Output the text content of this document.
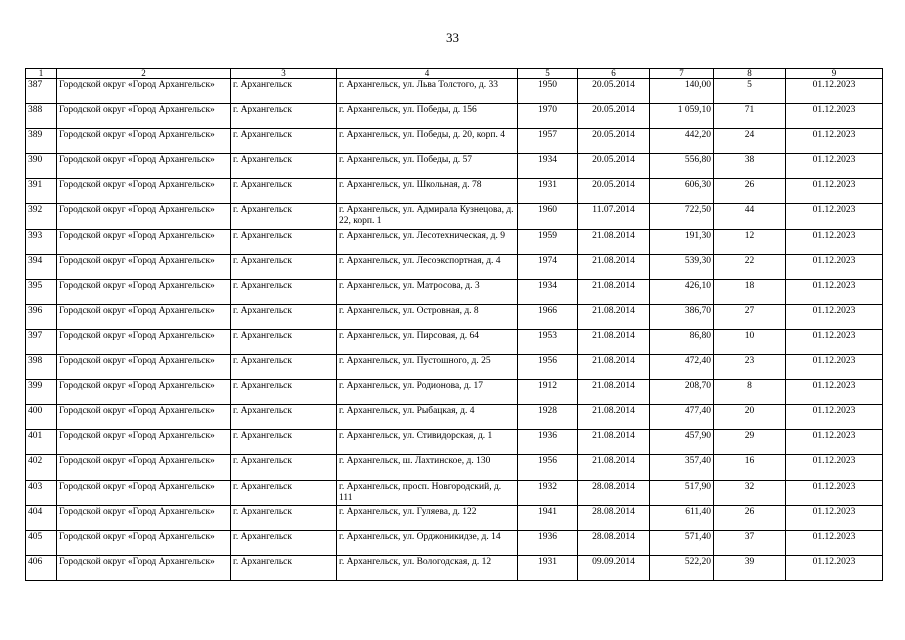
33
1	2	3	4	5	6	7	8	9
387	Городской округ «Город Архангельск»	г. Архангельск	г. Архангельск, ул. Льва Толстого, д. 33	1950	20.05.2014	140,00	5	01.12.2023
388	Городской округ «Город Архангельск»	г. Архангельск	г. Архангельск, ул. Победы, д. 156	1970	20.05.2014	1 059,10	71	01.12.2023
389	Городской округ «Город Архангельск»	г. Архангельск	г. Архангельск, ул. Победы, д. 20, корп. 4	1957	20.05.2014	442,20	24	01.12.2023
390	Городской округ «Город Архангельск»	г. Архангельск	г. Архангельск, ул. Победы, д. 57	1934	20.05.2014	556,80	38	01.12.2023
391	Городской округ «Город Архангельск»	г. Архангельск	г. Архангельск, ул. Школьная, д. 78	1931	20.05.2014	606,30	26	01.12.2023
392	Городской округ «Город Архангельск»	г. Архангельск	г. Архангельск, ул. Адмирала Кузнецова, д. 22, корп. 1	1960	11.07.2014	722,50	44	01.12.2023
393	Городской округ «Город Архангельск»	г. Архангельск	г. Архангельск, ул. Лесотехническая, д. 9	1959	21.08.2014	191,30	12	01.12.2023
394	Городской округ «Город Архангельск»	г. Архангельск	г. Архангельск, ул. Лесоэкспортная, д. 4	1974	21.08.2014	539,30	22	01.12.2023
395	Городской округ «Город Архангельск»	г. Архангельск	г. Архангельск, ул. Матросова, д. 3	1934	21.08.2014	426,10	18	01.12.2023
396	Городской округ «Город Архангельск»	г. Архангельск	г. Архангельск, ул. Островная, д. 8	1966	21.08.2014	386,70	27	01.12.2023
397	Городской округ «Город Архангельск»	г. Архангельск	г. Архангельск, ул. Пирсовая, д. 64	1953	21.08.2014	86,80	10	01.12.2023
398	Городской округ «Город Архангельск»	г. Архангельск	г. Архангельск, ул. Пустошного, д. 25	1956	21.08.2014	472,40	23	01.12.2023
399	Городской округ «Город Архангельск»	г. Архангельск	г. Архангельск, ул. Родионова, д. 17	1912	21.08.2014	208,70	8	01.12.2023
400	Городской округ «Город Архангельск»	г. Архангельск	г. Архангельск, ул. Рыбацкая, д. 4	1928	21.08.2014	477,40	20	01.12.2023
401	Городской округ «Город Архангельск»	г. Архангельск	г. Архангельск, ул. Стивидорская, д. 1	1936	21.08.2014	457,90	29	01.12.2023
402	Городской округ «Город Архангельск»	г. Архангельск	г. Архангельск, ш. Лахтинское, д. 130	1956	21.08.2014	357,40	16	01.12.2023
403	Городской округ «Город Архангельск»	г. Архангельск	г. Архангельск, просп. Новгородский, д. 111	1932	28.08.2014	517,90	32	01.12.2023
404	Городской округ «Город Архангельск»	г. Архангельск	г. Архангельск, ул. Гуляева, д. 122	1941	28.08.2014	611,40	26	01.12.2023
405	Городской округ «Город Архангельск»	г. Архангельск	г. Архангельск, ул. Орджоникидзе, д. 14	1936	28.08.2014	571,40	37	01.12.2023
406	Городской округ «Город Архангельск»	г. Архангельск	г. Архангельск, ул. Вологодская, д. 12	1931	09.09.2014	522,20	39	01.12.2023
